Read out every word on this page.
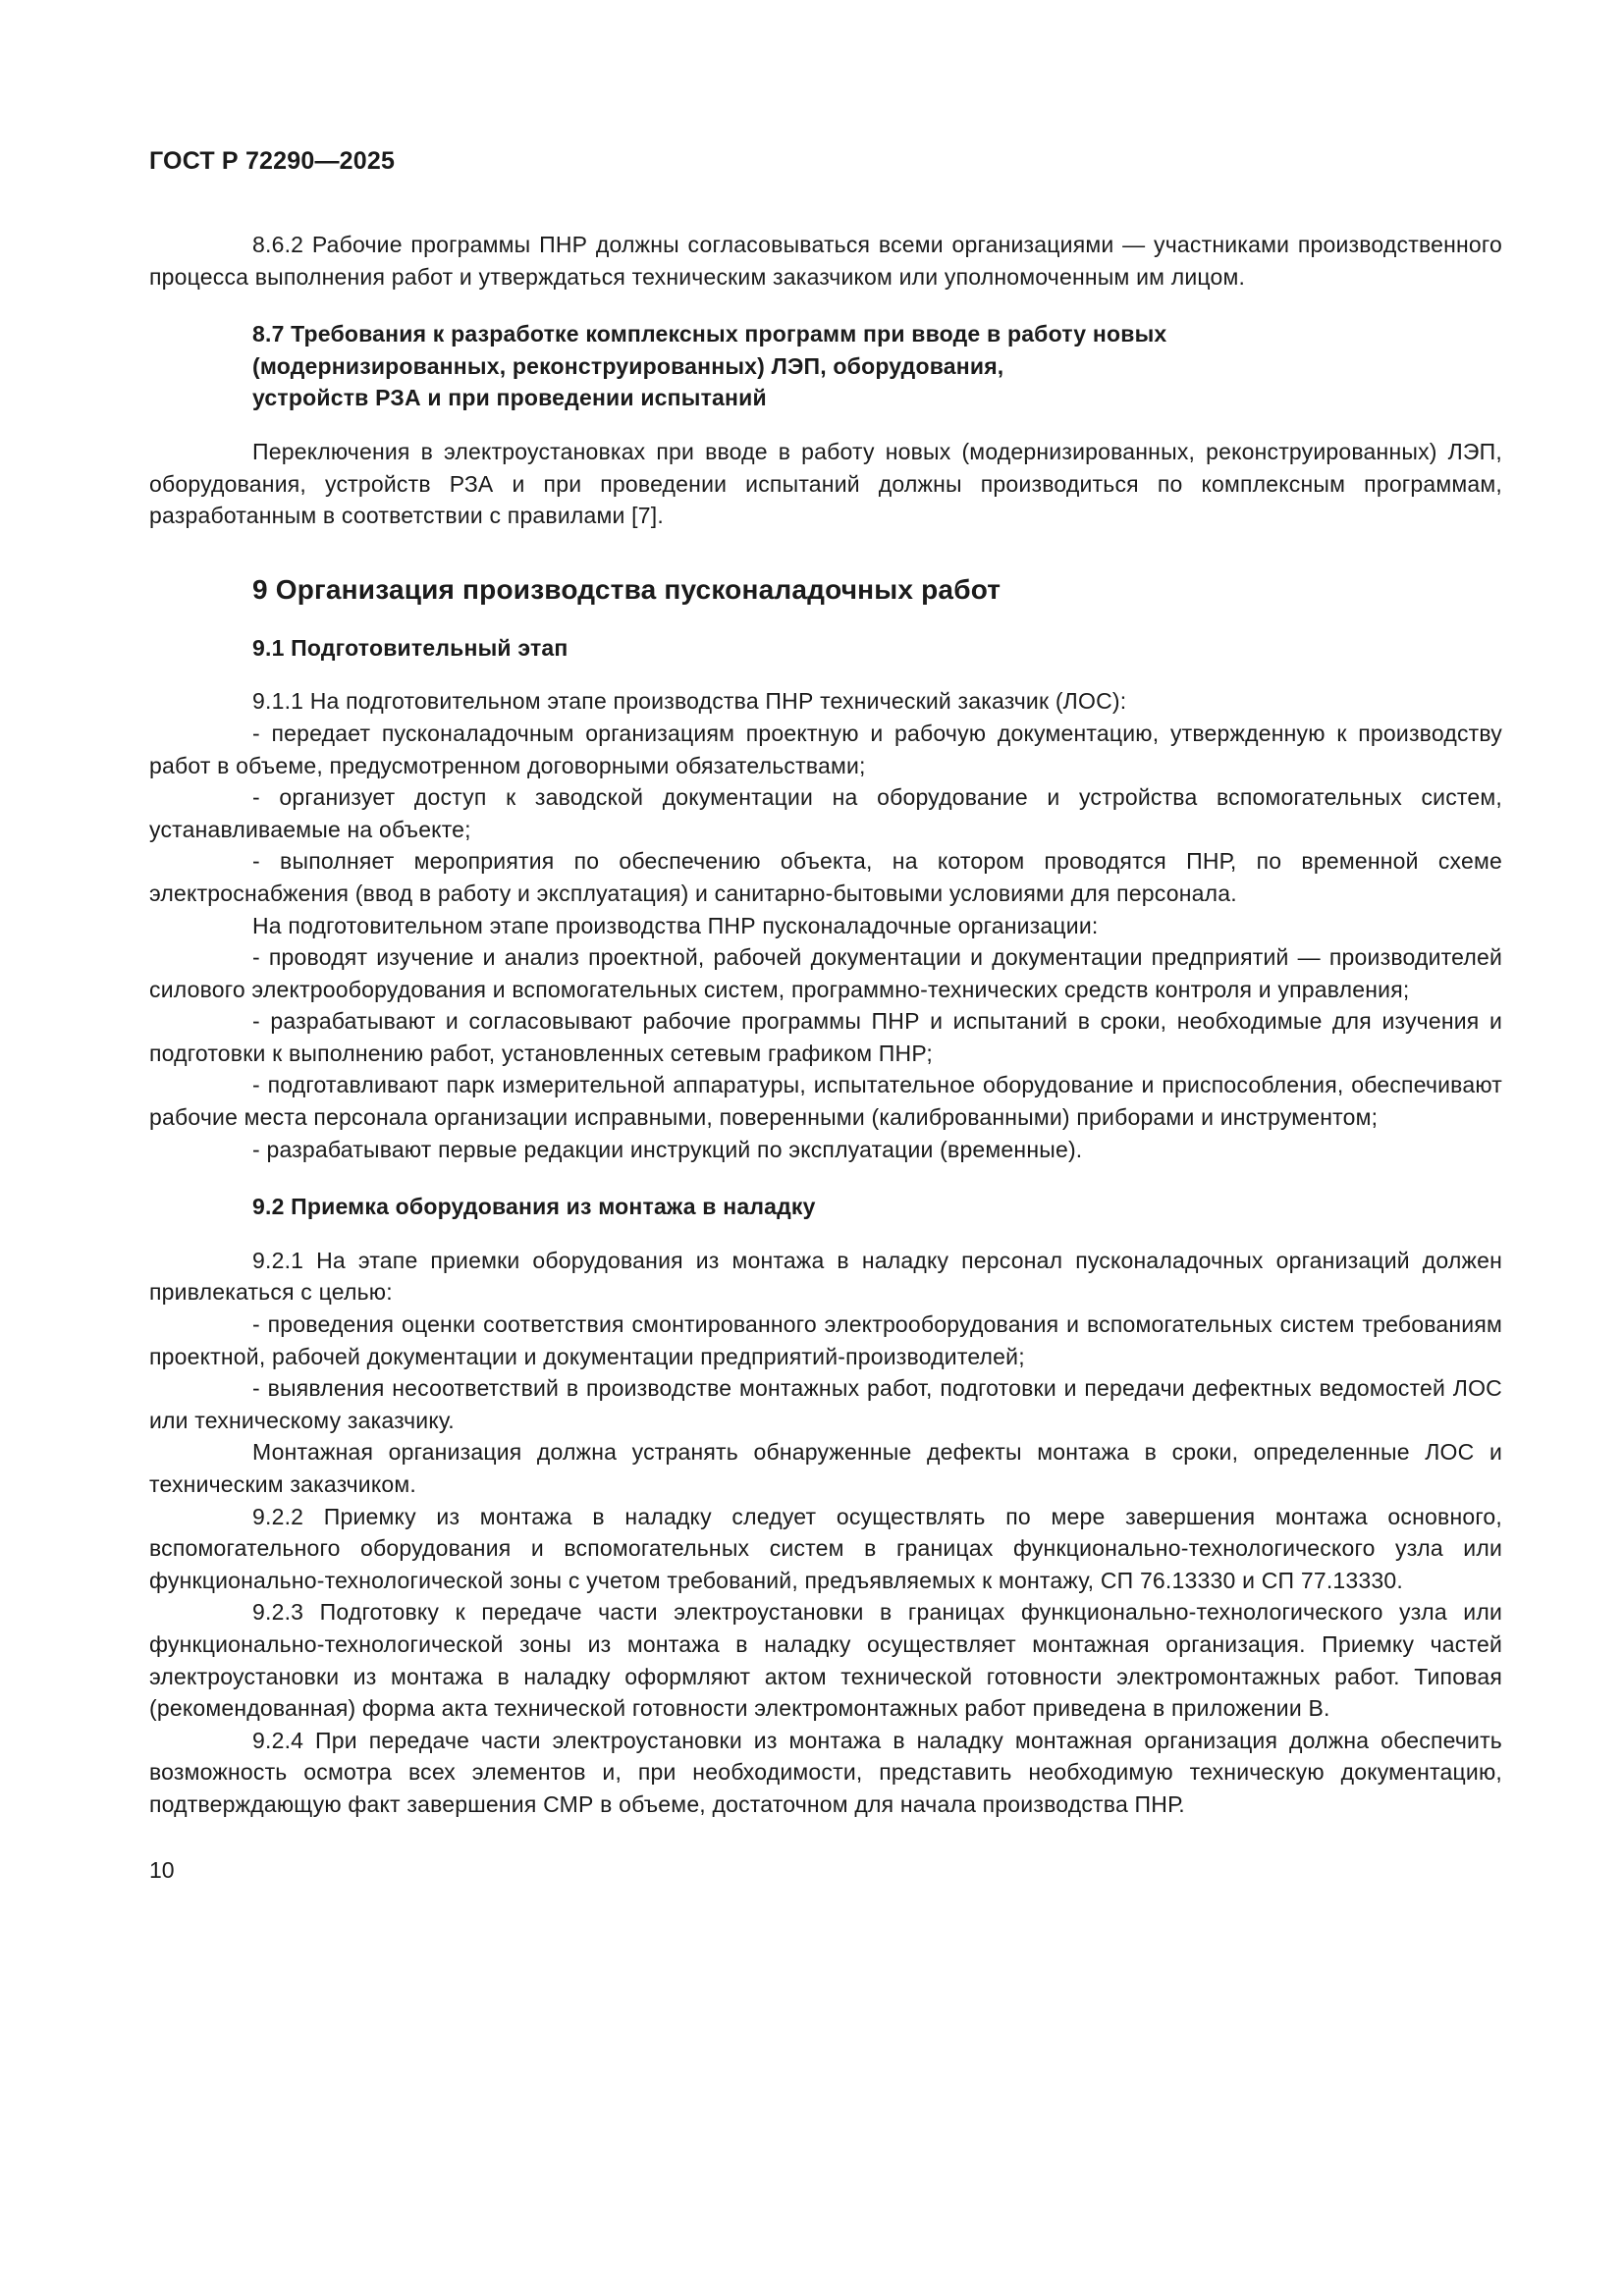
ГОСТ Р 72290—2025

8.6.2 Рабочие программы ПНР должны согласовываться всеми организациями — участниками производственного процесса выполнения работ и утверждаться техническим заказчиком или уполномоченным им лицом.

8.7 Требования к разработке комплексных программ при вводе в работу новых
(модернизированных, реконструированных) ЛЭП, оборудования,
устройств РЗА и при проведении испытаний

Переключения в электроустановках при вводе в работу новых (модернизированных, реконструированных) ЛЭП, оборудования, устройств РЗА и при проведении испытаний должны производиться по комплексным программам, разработанным в соответствии с правилами [7].

9 Организация производства пусконаладочных работ
9.1 Подготовительный этап

9.1.1 На подготовительном этапе производства ПНР технический заказчик (ЛОС):

- передает пусконаладочным организациям проектную и рабочую документацию, утвержденную к производству работ в объеме, предусмотренном договорными обязательствами;

- организует доступ к заводской документации на оборудование и устройства вспомогательных систем, устанавливаемые на объекте;

- выполняет мероприятия по обеспечению объекта, на котором проводятся ПНР, по временной схеме электроснабжения (ввод в работу и эксплуатация) и санитарно-бытовыми условиями для персонала.

На подготовительном этапе производства ПНР пусконаладочные организации:

- проводят изучение и анализ проектной, рабочей документации и документации предприятий — производителей силового электрооборудования и вспомогательных систем, программно-технических средств контроля и управления;

- разрабатывают и согласовывают рабочие программы ПНР и испытаний в сроки, необходимые для изучения и подготовки к выполнению работ, установленных сетевым графиком ПНР;

- подготавливают парк измерительной аппаратуры, испытательное оборудование и приспособления, обеспечивают рабочие места персонала организации исправными, поверенными (калиброванными) приборами и инструментом;

- разрабатывают первые редакции инструкций по эксплуатации (временные).

9.2 Приемка оборудования из монтажа в наладку

9.2.1 На этапе приемки оборудования из монтажа в наладку персонал пусконаладочных организаций должен привлекаться с целью:

- проведения оценки соответствия смонтированного электрооборудования и вспомогательных систем требованиям проектной, рабочей документации и документации предприятий-производителей;

- выявления несоответствий в производстве монтажных работ, подготовки и передачи дефектных ведомостей ЛОС или техническому заказчику.

Монтажная организация должна устранять обнаруженные дефекты монтажа в сроки, определенные ЛОС и техническим заказчиком.

9.2.2 Приемку из монтажа в наладку следует осуществлять по мере завершения монтажа основного, вспомогательного оборудования и вспомогательных систем в границах функционально-технологического узла или функционально-технологической зоны с учетом требований, предъявляемых к монтажу, СП 76.13330 и СП 77.13330.

9.2.3 Подготовку к передаче части электроустановки в границах функционально-технологического узла или функционально-технологической зоны из монтажа в наладку осуществляет монтажная организация. Приемку частей электроустановки из монтажа в наладку оформляют актом технической готовности электромонтажных работ. Типовая (рекомендованная) форма акта технической готовности электромонтажных работ приведена в приложении В.

9.2.4 При передаче части электроустановки из монтажа в наладку монтажная организация должна обеспечить возможность осмотра всех элементов и, при необходимости, представить необходимую техническую документацию, подтверждающую факт завершения СМР в объеме, достаточном для начала производства ПНР.

10
